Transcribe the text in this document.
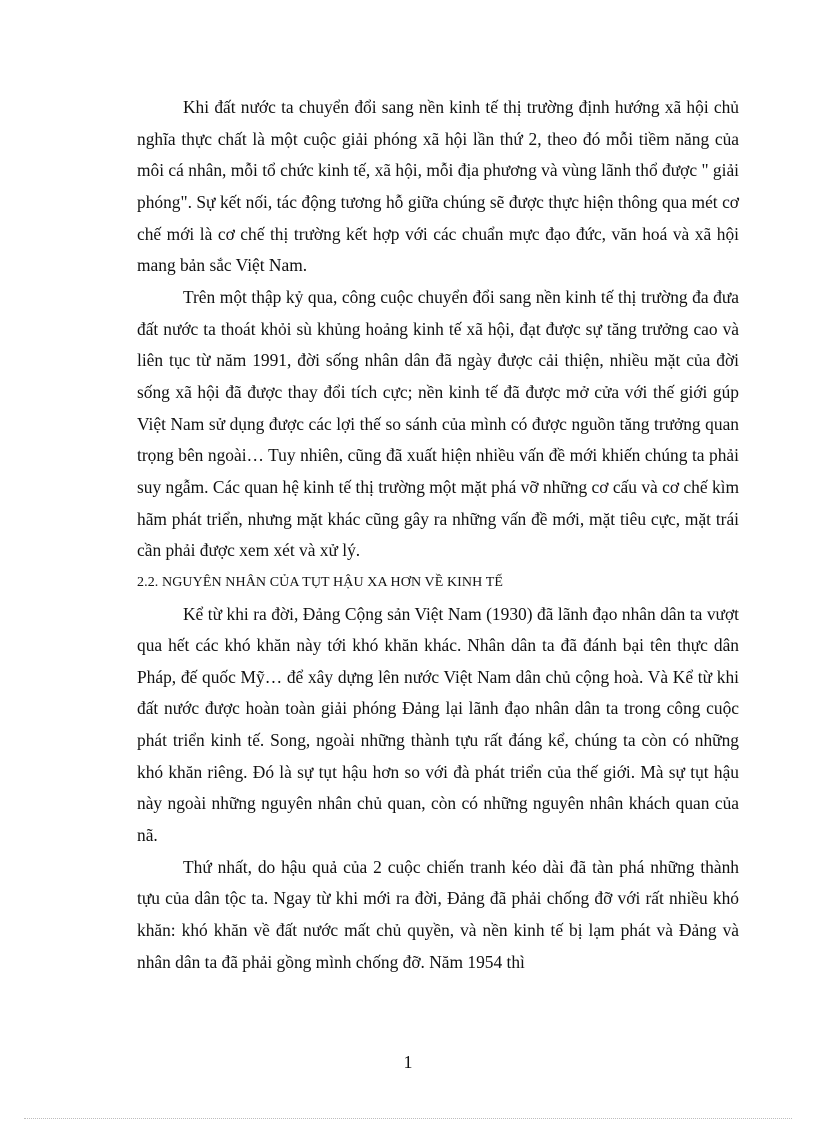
Khi đất nước ta chuyển đổi sang nền kinh tế thị trường định hướng xã hội chủ nghĩa thực chất là một cuộc giải phóng xã hội lần thứ 2, theo đó mỗi tiềm năng của môi cá nhân, mỗi tổ chức kinh tế, xã hội, mỗi địa phương và vùng lãnh thổ được " giải phóng". Sự kết nối, tác động tương hỗ giữa chúng sẽ được thực hiện thông qua mét cơ chế mới là cơ chế thị trường kết hợp với các chuẩn mực đạo đức, văn hoá và xã hội mang bản sắc Việt Nam.

Trên một thập kỷ qua, công cuộc chuyển đổi sang nền kinh tế thị trường đa đưa đất nước ta thoát khỏi sù khủng hoảng kinh tế xã hội, đạt được sự tăng trưởng cao và liên tục từ năm 1991, đời sống nhân dân đã ngày được cải thiện, nhiều mặt của đời sống xã hội đã được thay đổi tích cực; nền kinh tế đã được mở cửa với thế giới gúp Việt Nam sử dụng được các lợi thế so sánh của mình có được nguồn tăng trưởng quan trọng bên ngoài… Tuy nhiên, cũng đã xuất hiện nhiều vấn đề mới khiến chúng ta phải suy ngẫm. Các quan hệ kinh tế thị trường một mặt phá vỡ những cơ cấu và cơ chế kìm hãm phát triển, nhưng mặt khác cũng gây ra những vấn đề mới, mặt tiêu cực, mặt trái cần phải được xem xét và xử lý.

2.2. NGUYÊN NHÂN CỦA TỤT HẬU XA HƠN VỀ KINH TẾ

Kể từ khi ra đời, Đảng Cộng sản Việt Nam (1930) đã lãnh đạo nhân dân ta vượt qua hết các khó khăn này tới khó khăn khác. Nhân dân ta đã đánh bại tên thực dân Pháp, đế quốc Mỹ… để xây dựng lên nước Việt Nam dân chủ cộng hoà. Và Kể từ khi đất nước được hoàn toàn giải phóng Đảng lại lãnh đạo nhân dân ta trong công cuộc phát triển kinh tế. Song, ngoài những thành tựu rất đáng kể, chúng ta còn có những khó khăn riêng. Đó là sự tụt hậu hơn so với đà phát triển của thế giới. Mà sự tụt hậu này ngoài những nguyên nhân chủ quan, còn có những nguyên nhân khách quan của nã.

Thứ nhất, do hậu quả của 2 cuộc chiến tranh kéo dài đã tàn phá những thành tựu của dân tộc ta. Ngay từ khi mới ra đời, Đảng đã phải chống đỡ với rất nhiều khó khăn: khó khăn về đất nước mất chủ quyền, và nền kinh tế bị lạm phát và Đảng và nhân dân ta đã phải gồng mình chống đỡ. Năm 1954 thì

1
